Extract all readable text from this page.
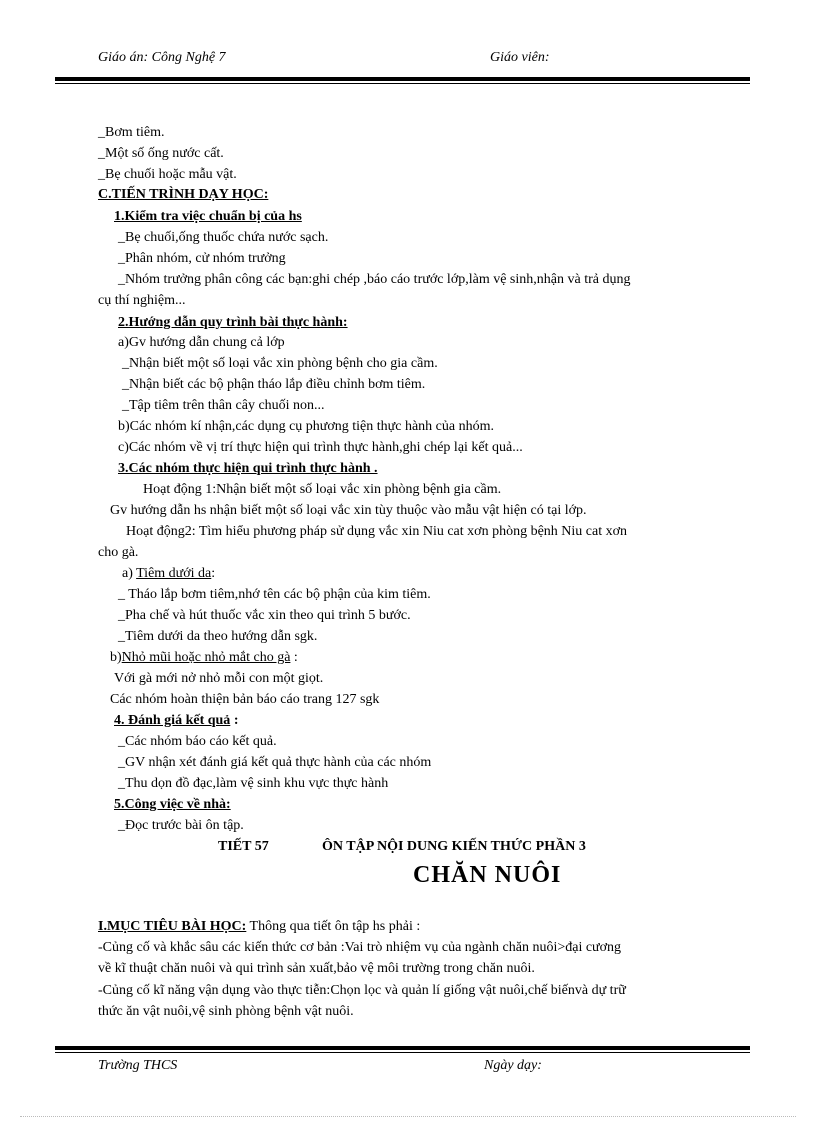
Giáo án: Công Nghệ 7	Giáo viên:
_Bơm tiêm.
_Một số ống nước cất.
_Bẹ chuối hoặc mẫu vật.
C.TIẾN TRÌNH DẠY HỌC:
1.Kiểm tra việc chuẩn bị của hs
_Bẹ chuối,ống thuốc chứa nước sạch.
_Phân nhóm, cử nhóm trưởng
_Nhóm trưởng phân công các bạn:ghi chép ,báo cáo trước lớp,làm vệ sinh,nhận và trả dụng
cụ thí nghiệm...
2.Hướng dẫn quy trình bài thực hành:
a)Gv hướng dẫn chung cả lớp
_Nhận biết một số loại vắc xin phòng bệnh cho gia cầm.
_Nhận biết các bộ phận tháo lắp điều chỉnh bơm tiêm.
_Tập tiêm trên thân cây chuối non...
b)Các nhóm kí nhận,các dụng cụ phương tiện thực hành của nhóm.
c)Các nhóm về vị trí thực hiện qui trình thực hành,ghi chép lại kết quả...
3.Các nhóm thực hiện qui trình thực hành .
Hoạt động 1:Nhận biết một số loại vắc xin phòng bệnh gia cầm.
Gv hướng dẫn hs nhận biết một số loại vắc xin tùy thuộc vào mẫu vật hiện có tại lớp.
Hoạt động2: Tìm hiểu phương pháp sử dụng vắc xin Niu cat xơn phòng bệnh Niu cat xơn
cho gà.
a) Tiêm dưới da:
_ Tháo lắp bơm tiêm,nhớ tên các bộ phận của kim tiêm.
_Pha chế và hút thuốc vắc xin theo qui trình 5 bước.
_Tiêm dưới da theo hướng dẫn sgk.
b)Nhỏ mũi hoặc nhỏ mắt cho gà :
Với gà mới nở nhỏ mỗi con một giọt.
Các nhóm hoàn thiện bản báo cáo trang 127 sgk
4. Đánh giá kết quả :
_Các nhóm báo cáo kết quả.
_GV nhận xét đánh giá kết quả thực hành của các nhóm
_Thu dọn đồ đạc,làm vệ sinh khu vực thực hành
5.Công việc về nhà:
_Đọc trước bài ôn tập.
TIẾT 57	ÔN TẬP NỘI DUNG KIẾN THỨC PHẦN 3
CHĂN NUÔI
I.MỤC TIÊU BÀI HỌC: Thông qua tiết ôn tập hs phải :
-Củng cố và khắc sâu các kiến thức cơ bản :Vai trò nhiệm vụ của ngành chăn nuôi>đại cương
về kĩ thuật chăn nuôi và qui trình sản xuất,bảo vệ môi trường trong chăn nuôi.
-Củng cố kĩ năng vận dụng vào thực tiễn:Chọn lọc và quản lí giống vật nuôi,chế biếnvà dự trữ
thức ăn vật nuôi,vệ sinh phòng bệnh vật nuôi.
Trường THCS	Ngày dạy:
